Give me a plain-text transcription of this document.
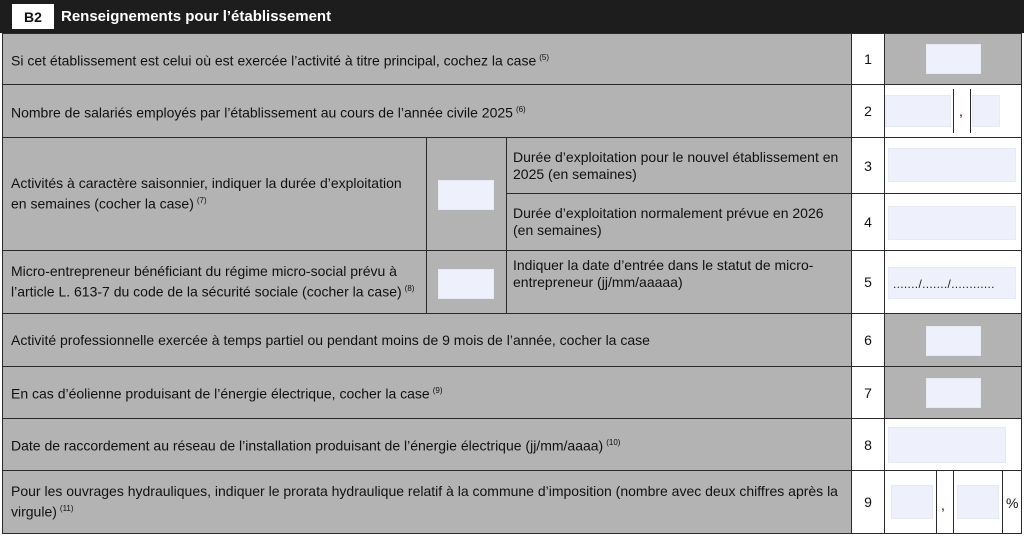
B2	Renseignements pour l’établissement
Si cet établissement est celui où est exercée l’activité à titre principal, cochez la case $^{(5)}$	1
Nombre de salariés employés par l’établissement au cours de l’année civile 2025 $^{(6)}$	2	,
Activités à caractère saisonnier, indiquer la durée d’exploitation en semaines (cocher la case) $^{(7)}$
Durée d’exploitation pour le nouvel établissement en 2025 (en semaines)	3
Durée d’exploitation normalement prévue en 2026 (en semaines)	4
Micro-entrepreneur bénéficiant du régime micro-social prévu à l’article L. 613-7 du code de la sécurité sociale (cocher la case) $^{(8)}$
Indiquer la date d’entrée dans le statut de micro-entrepreneur (jj/mm/aaaaa)	5	......./......./............
Activité professionnelle exercée à temps partiel ou pendant moins de 9 mois de l’année, cocher la case	6
En cas d’éolienne produisant de l’énergie électrique, cocher la case $^{(9)}$	7
Date de raccordement au réseau de l’installation produisant de l’énergie électrique (jj/mm/aaaa) $^{(10)}$	8
Pour les ouvrages hydrauliques, indiquer le prorata hydraulique relatif à la commune d’imposition (nombre avec deux chiffres après la virgule) $^{(11)}$	9	,	%
